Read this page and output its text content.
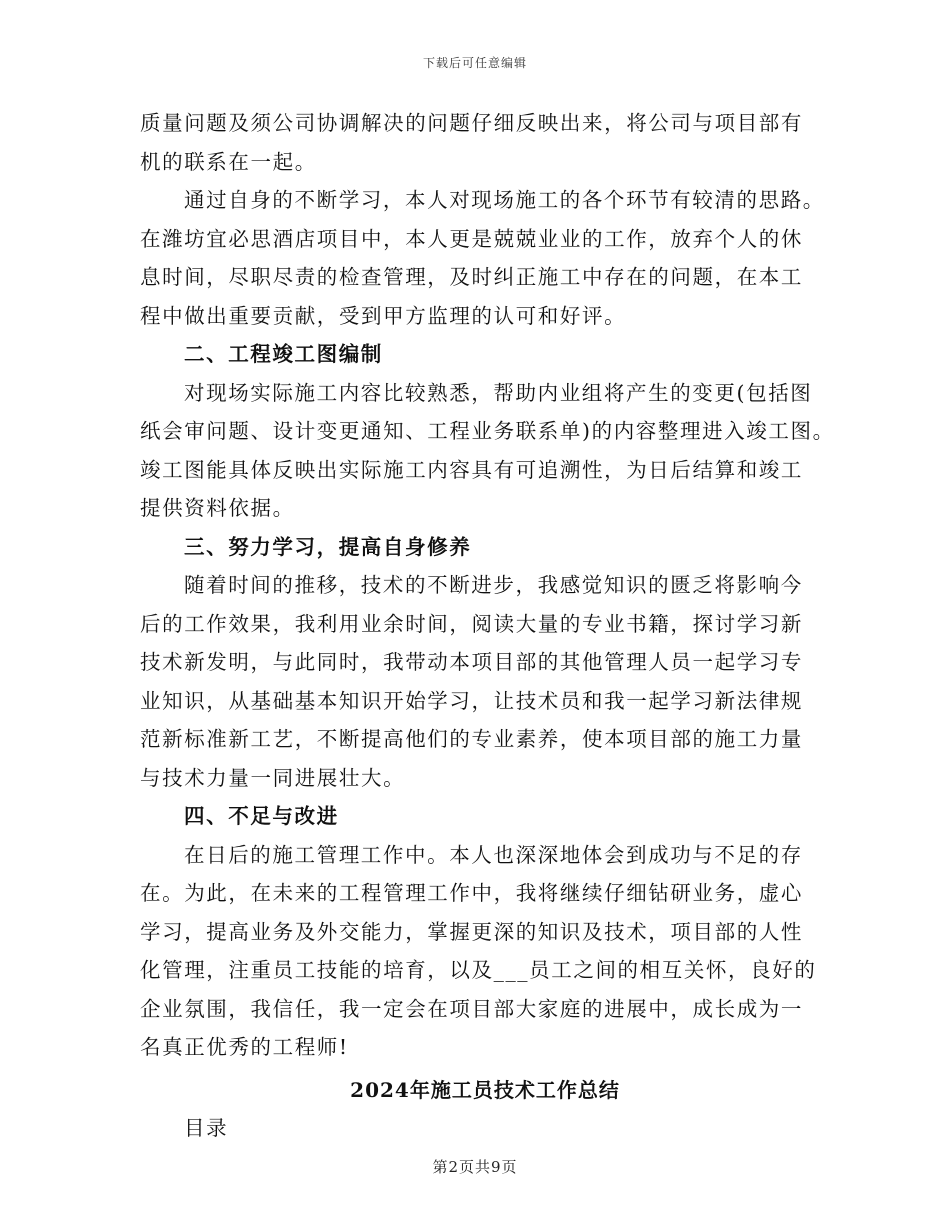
下载后可任意编辑
质量问题及须公司协调解决的问题仔细反映出来，将公司与项目部有
机的联系在一起。
通过自身的不断学习，本人对现场施工的各个环节有较清的思路。
在潍坊宜必思酒店项目中，本人更是兢兢业业的工作，放弃个人的休
息时间，尽职尽责的检查管理，及时纠正施工中存在的问题，在本工
程中做出重要贡献，受到甲方监理的认可和好评。
二、工程竣工图编制
对现场实际施工内容比较熟悉，帮助内业组将产生的变更(包括图
纸会审问题、设计变更通知、工程业务联系单)的内容整理进入竣工图。
竣工图能具体反映出实际施工内容具有可追溯性，为日后结算和竣工
提供资料依据。
三、努力学习，提高自身修养
随着时间的推移，技术的不断进步，我感觉知识的匮乏将影响今
后的工作效果，我利用业余时间，阅读大量的专业书籍，探讨学习新
技术新发明，与此同时，我带动本项目部的其他管理人员一起学习专
业知识，从基础基本知识开始学习，让技术员和我一起学习新法律规
范新标准新工艺，不断提高他们的专业素养，使本项目部的施工力量
与技术力量一同进展壮大。
四、不足与改进
在日后的施工管理工作中。本人也深深地体会到成功与不足的存
在。为此，在未来的工程管理工作中，我将继续仔细钻研业务，虚心
学习，提高业务及外交能力，掌握更深的知识及技术，项目部的人性
化管理，注重员工技能的培育，以及___员工之间的相互关怀，良好的
企业氛围，我信任，我一定会在项目部大家庭的进展中，成长成为一
名真正优秀的工程师!
2024年施工员技术工作总结
目录
第2页共9页
